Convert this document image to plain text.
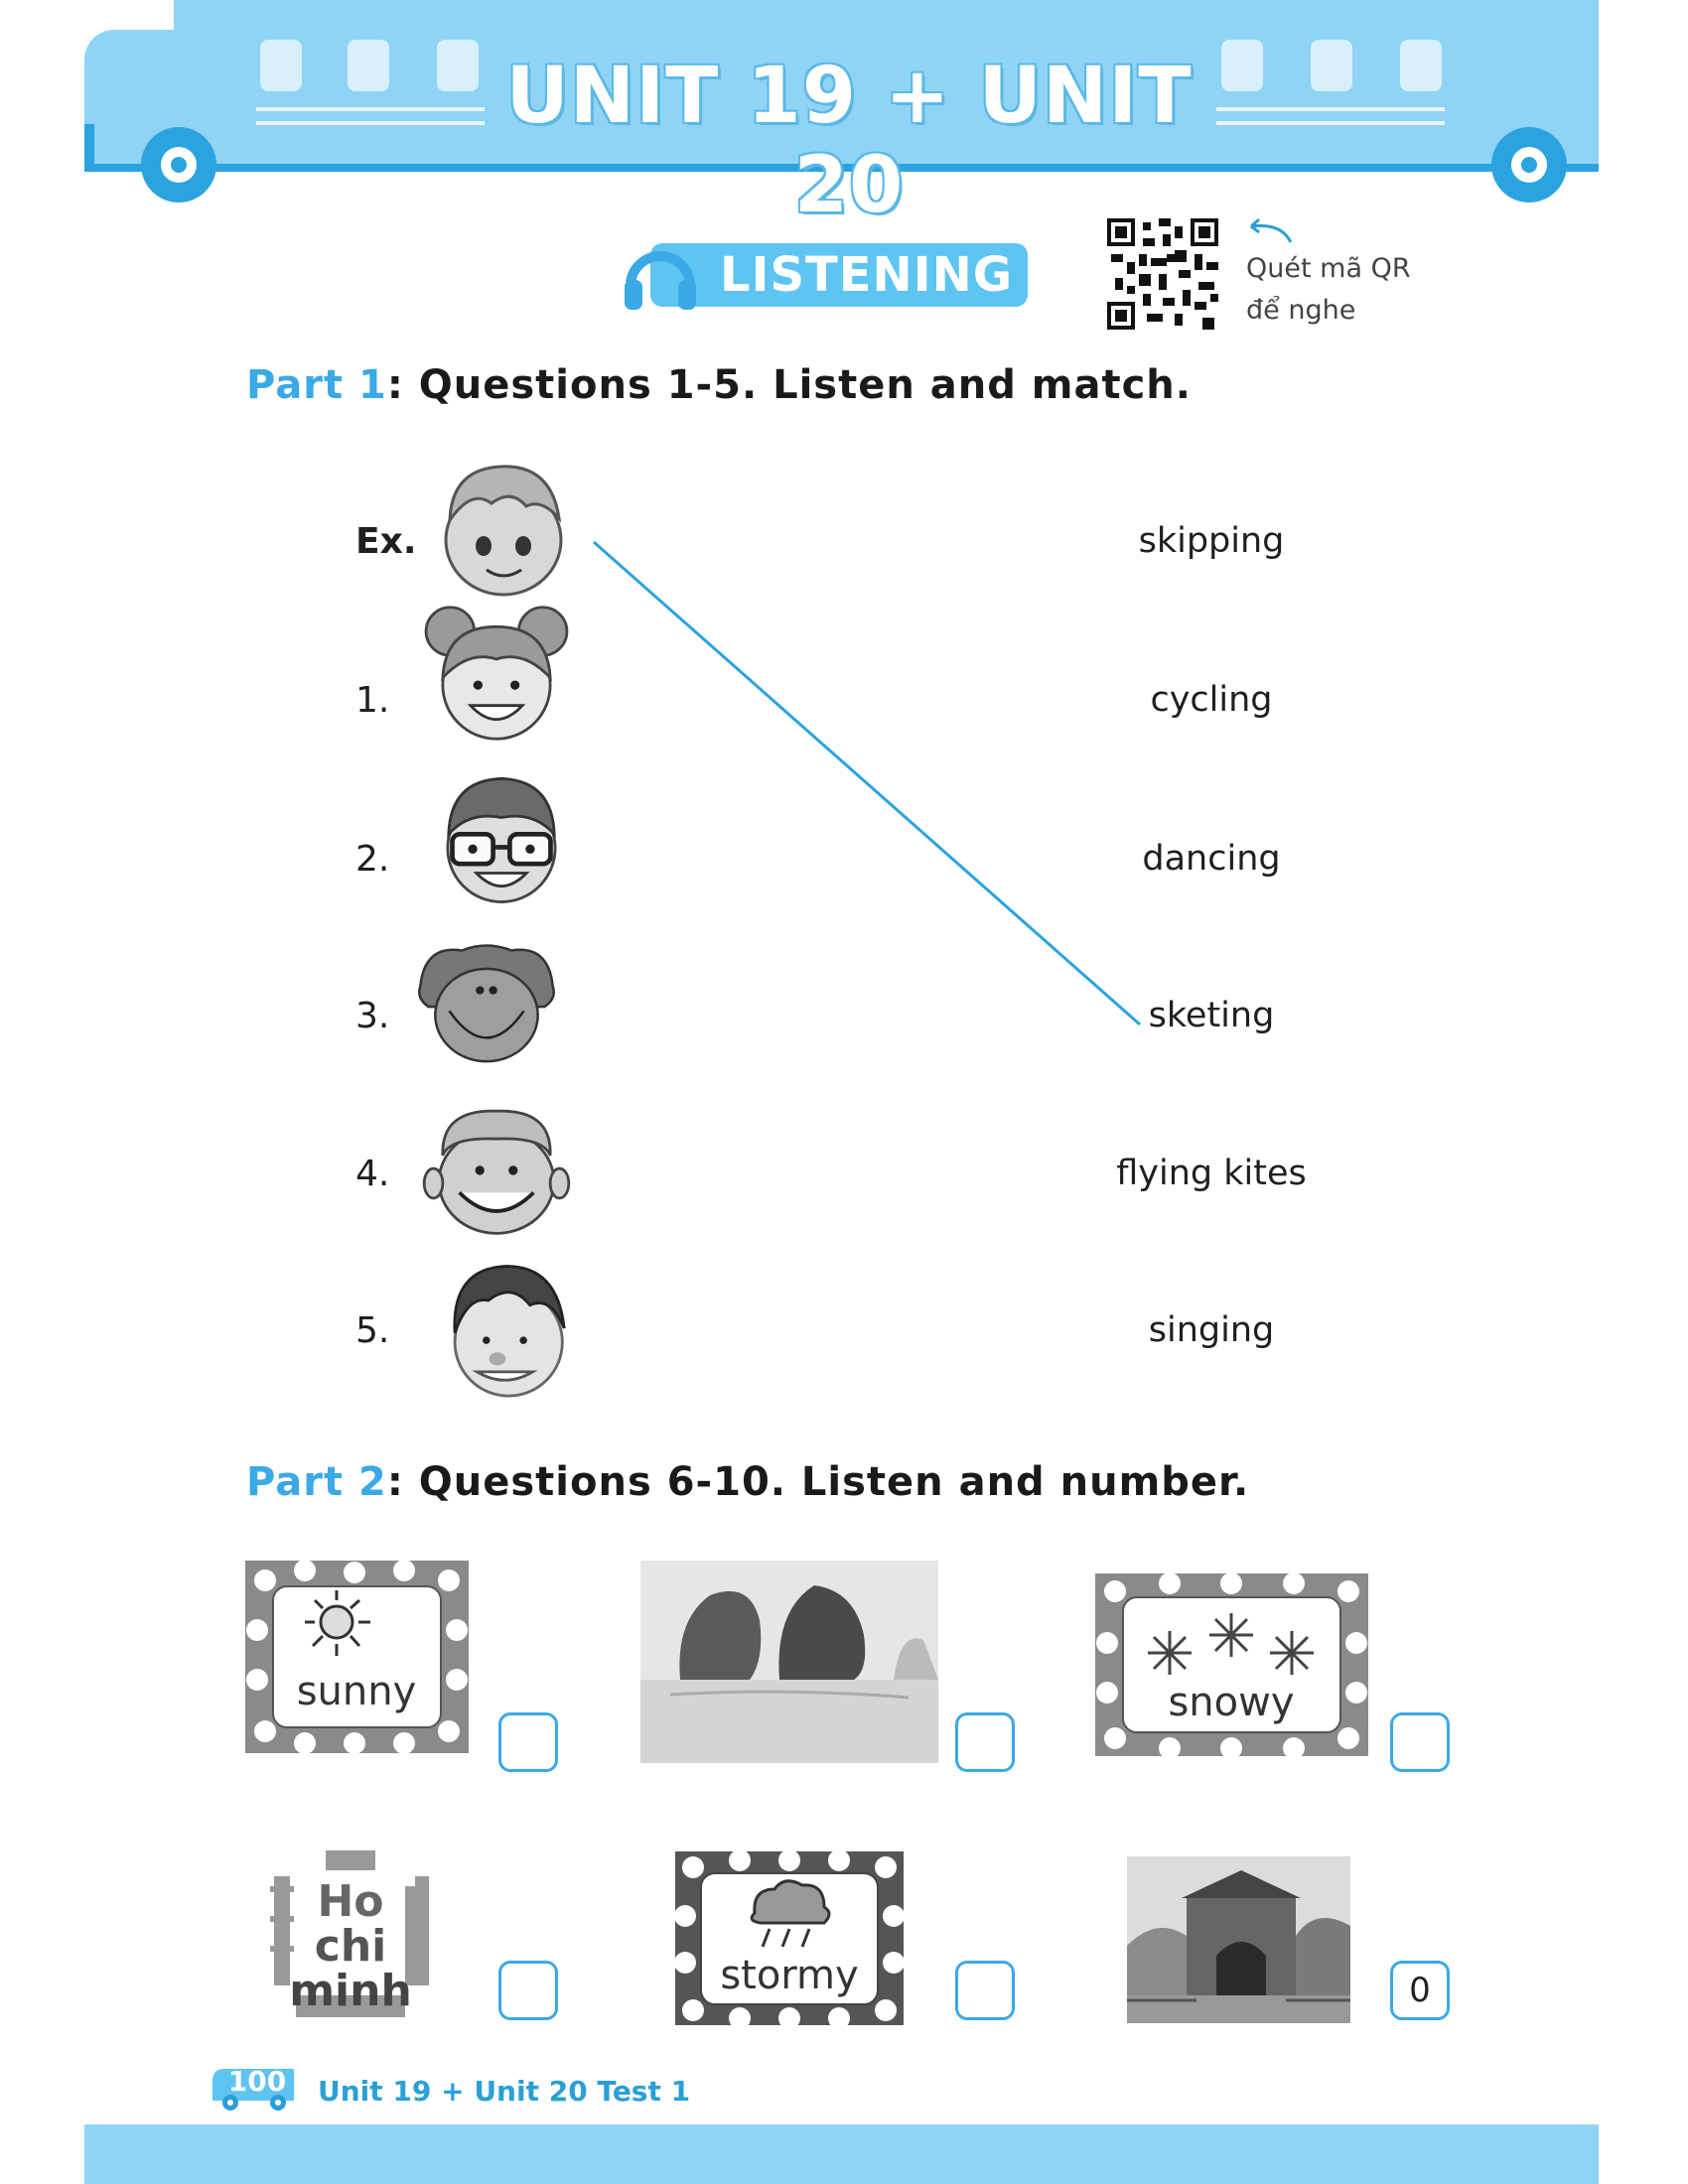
UNIT 19 + UNIT 20
LISTENING	Quét mã QR
để nghe
Part 1: Questions 1-5. Listen and match.
Ex.
1.
2.
3.
4.
5.
skipping
cycling
dancing
sketing
flying kites
singing
Part 2: Questions 6-10. Listen and number.
sunny	snowy
Ho
chi
minh	stormy	0
100 Unit 19 + Unit 20 Test 1
